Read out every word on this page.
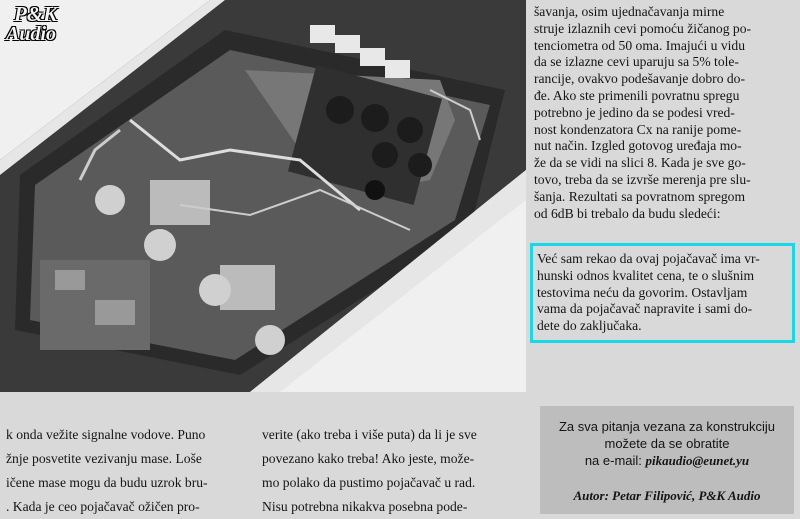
P&K
Audio

šavanja, osim ujednačavanja mirne

struje izlaznih cevi pomoću žičanog po-

tenciometra od 50 oma. Imajući u vidu

da se izlazne cevi uparuju sa 5% tole-

rancije, ovakvo podešavanje dobro do-

đe. Ako ste primenili povratnu spregu

potrebno je jedino da se podesi vred-

nost kondenzatora Cx na ranije pome-

nut način. Izgled gotovog uređaja mo-

že da se vidi na slici 8. Kada je sve go-

tovo, treba da se izvrše merenja pre slu-

šanja. Rezultati sa povratnom spregom

od 6dB bi trebalo da budu sledeći:

Već sam rekao da ovaj pojačavač ima vr-
hunski odnos kvalitet cena, te o slušnim
testovima neću da govorim. Ostavljam
vama da pojačavač napravite i sami do-
dete do zaključaka.
k onda vežite signalne vodove. Puno
žnje posvetite vezivanju mase. Loše
ičene mase mogu da budu uzrok bru-
. Kada je ceo pojačavač ožičen pro-
verite (ako treba i više puta) da li je sve
povezano kako treba! Ako jeste, može-
mo polako da pustimo pojačavač u rad.
Nisu potrebna nikakva posebna pode-
Za sva pitanja vezana za konstrukciju
možete da se obratite
na e-mail: pikaudio@eunet.yu
Autor: Petar Filipović, P&K Audio
